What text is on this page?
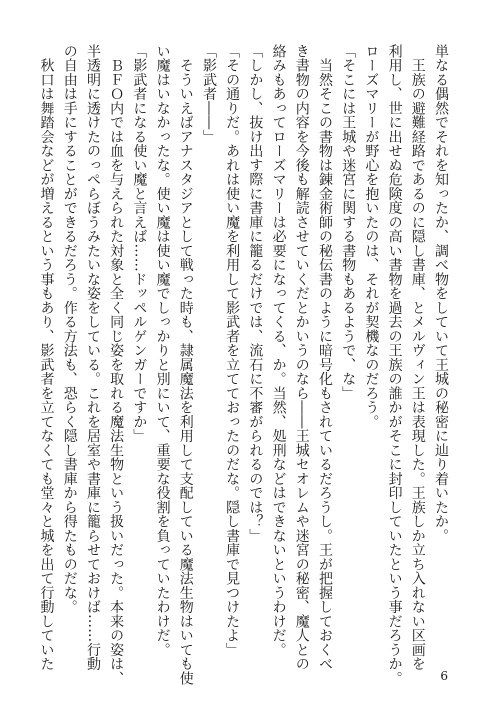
単なる偶然でそれを知ったか、調べ物をしていて王城の秘密に辿り着いたか。
　王族の避難経路であるのに隠し書庫、とメルヴィン王は表現した。王族しか立ち入れない区画を
利用し、世に出せぬ危険度の高い書物を過去の王族の誰かがそこに封印していたという事だろうか。
ローズマリーが野心を抱いたのは、それが契機なのだろう。
「そこには王城や迷宮に関する書物もあるようで、な」
　当然そこの書物は錬金術師の秘伝書のように暗号化もされているだろうし。王が把握しておくべ
き書物の内容を今後も解読させていくだとかいうのなら――王城セオレムや迷宮の秘密、魔人との
絡みもあってローズマリーは必要になってくる、か。当然、処刑などはできないというわけだ。
「しかし、抜け出す際に書庫に籠るだけでは、流石に不審がられるのでは？」
「その通りだ。あれは使い魔を利用して影武者を立てておったのだな。隠し書庫で見つけたよ」
「影武者――」
　そういえばアナスタジアとして戦った時も、隷属魔法を利用して支配している魔法生物はいても使
い魔はいなかったな。使い魔は使い魔でしっかりと別にいて、重要な役割を負っていたわけだ。
「影武者になる使い魔と言えば……ドッペルゲンガーですか」
　ＢＦＯ内では血を与えられた対象と全く同じ姿を取れる魔法生物という扱いだった。本来の姿は、
半透明に透けたのっぺらぼうみたいな姿をしている。これを居室や書庫に籠らせておけば……行動
の自由は手にすることができるだろう。作る方法も、恐らく隠し書庫から得たものだな。
　秋口は舞踏会などが増えるという事もあり、影武者を立てなくても堂々と城を出て行動していた
6
